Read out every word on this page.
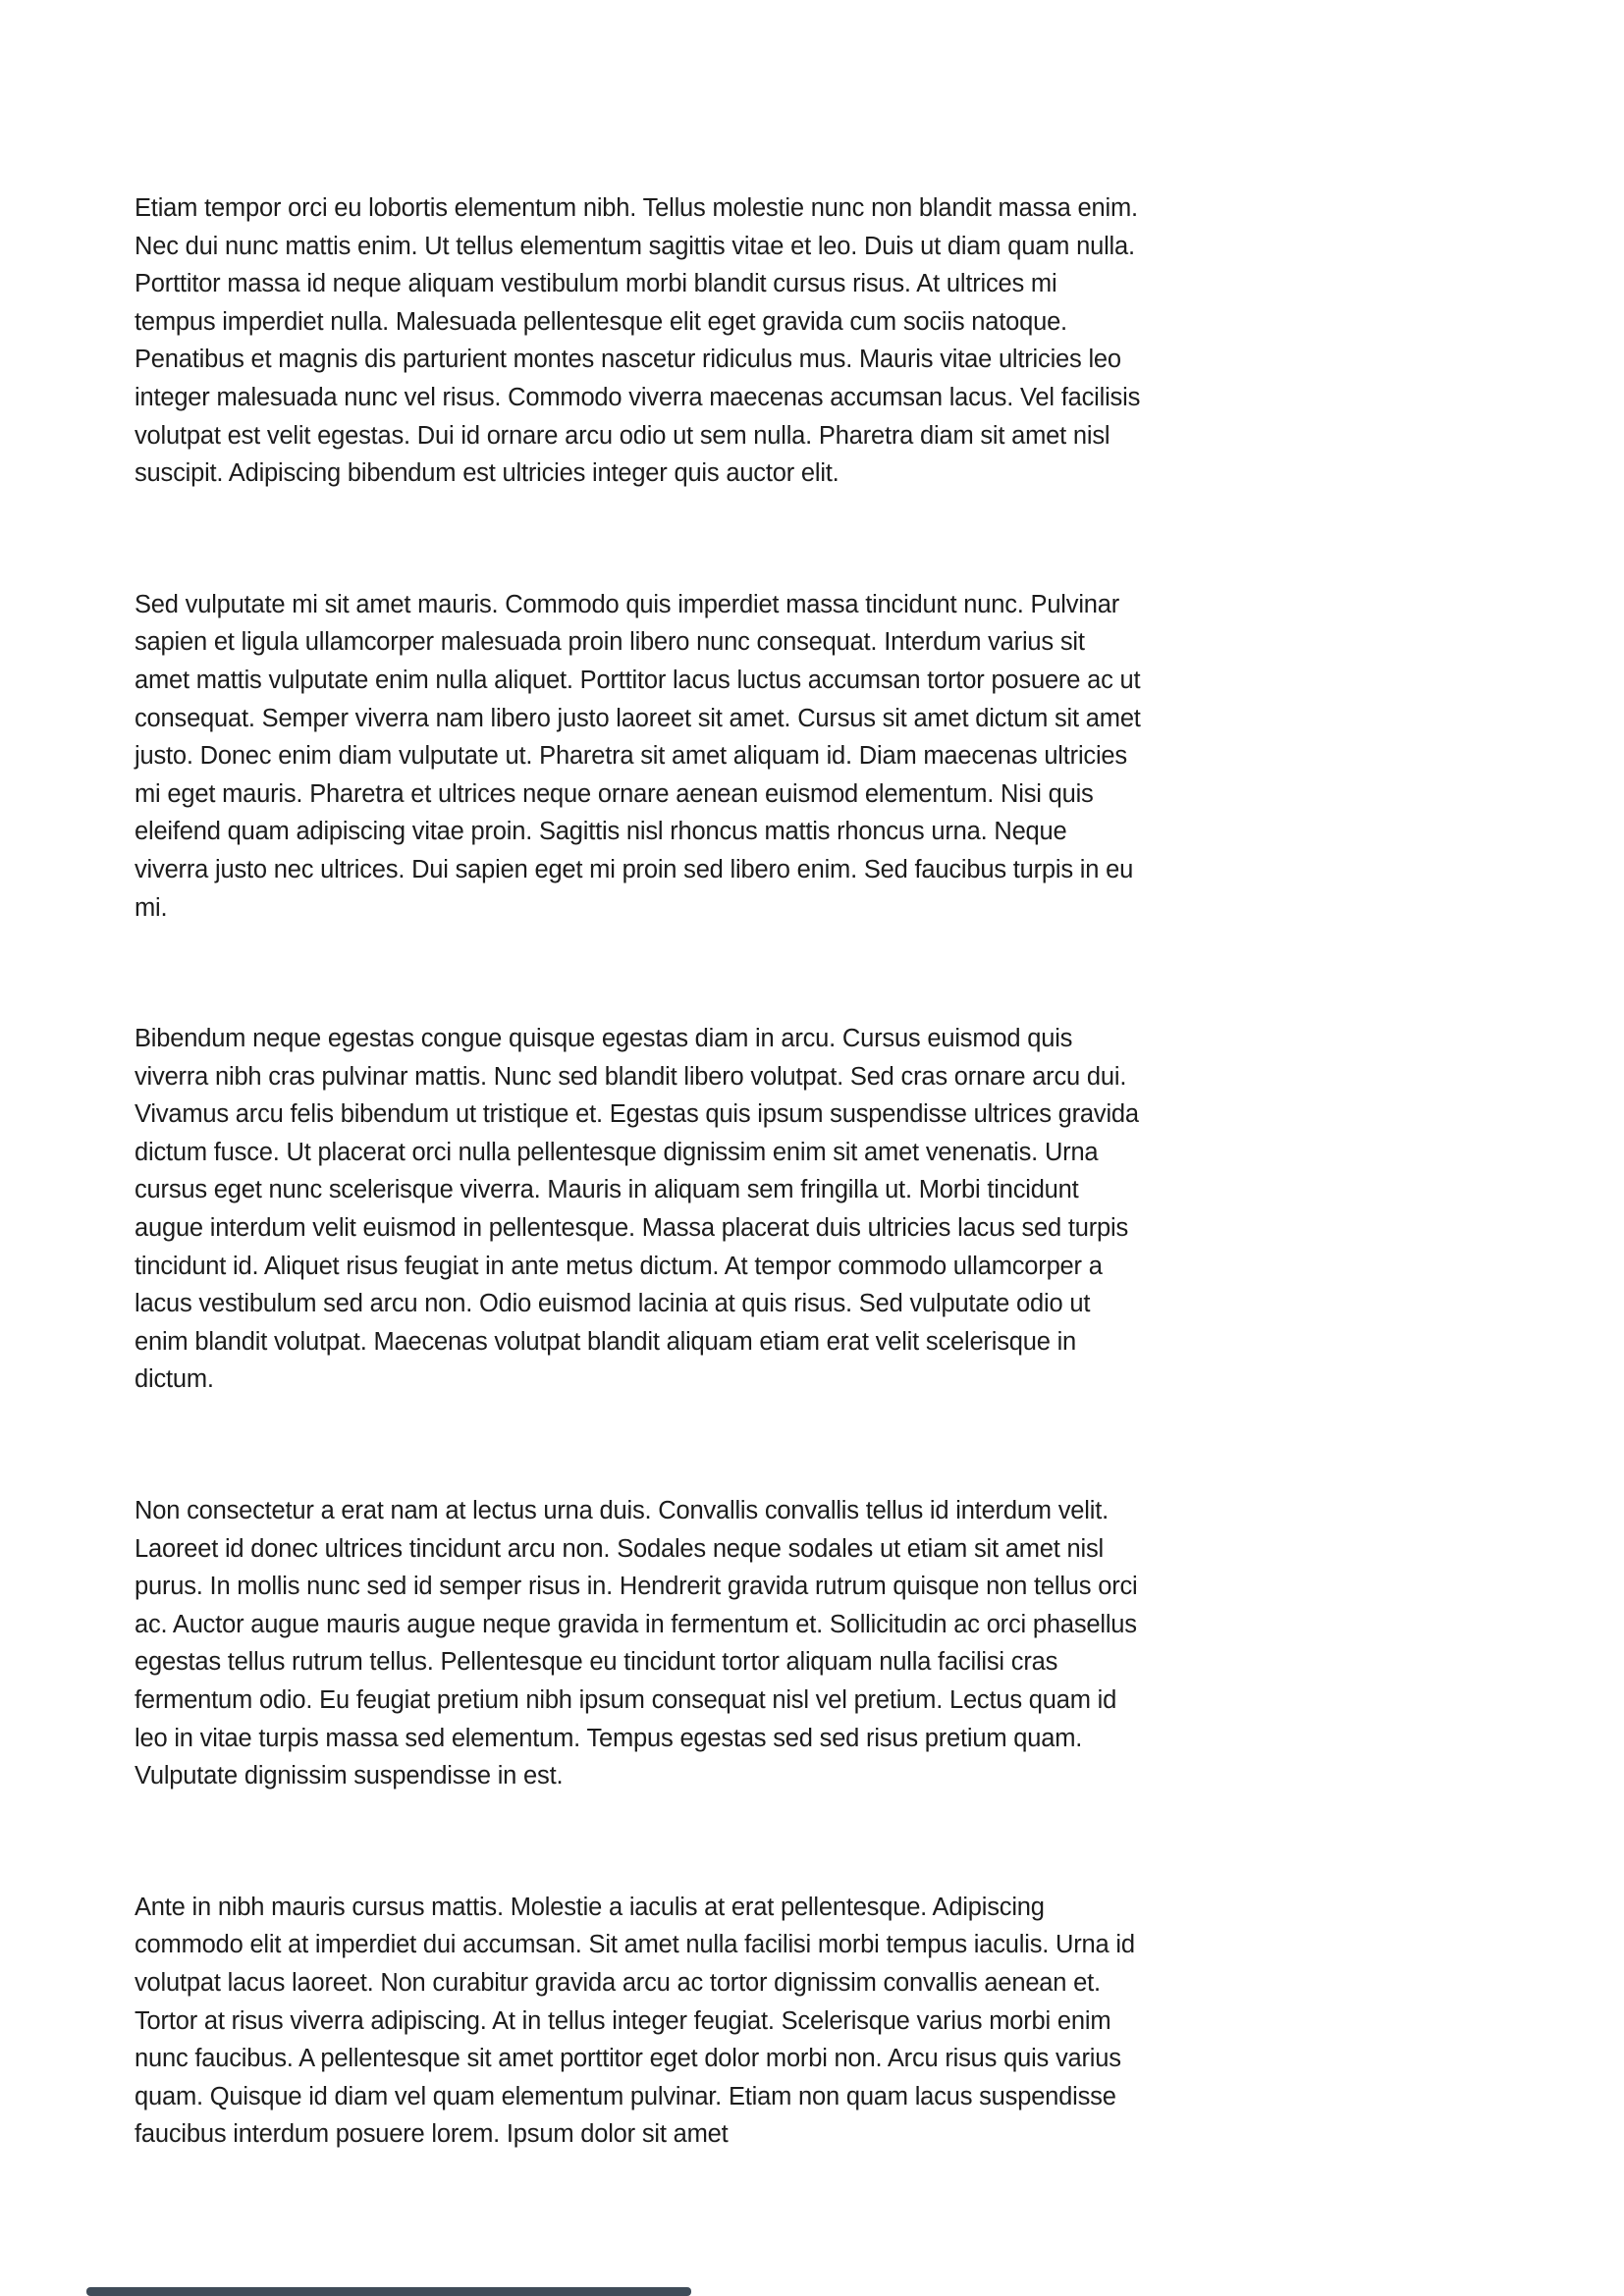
Etiam tempor orci eu lobortis elementum nibh. Tellus molestie nunc non blandit massa enim. Nec dui nunc mattis enim. Ut tellus elementum sagittis vitae et leo. Duis ut diam quam nulla. Porttitor massa id neque aliquam vestibulum morbi blandit cursus risus. At ultrices mi tempus imperdiet nulla. Malesuada pellentesque elit eget gravida cum sociis natoque. Penatibus et magnis dis parturient montes nascetur ridiculus mus. Mauris vitae ultricies leo integer malesuada nunc vel risus. Commodo viverra maecenas accumsan lacus. Vel facilisis volutpat est velit egestas. Dui id ornare arcu odio ut sem nulla. Pharetra diam sit amet nisl suscipit. Adipiscing bibendum est ultricies integer quis auctor elit.

Sed vulputate mi sit amet mauris. Commodo quis imperdiet massa tincidunt nunc. Pulvinar sapien et ligula ullamcorper malesuada proin libero nunc consequat. Interdum varius sit amet mattis vulputate enim nulla aliquet. Porttitor lacus luctus accumsan tortor posuere ac ut consequat. Semper viverra nam libero justo laoreet sit amet. Cursus sit amet dictum sit amet justo. Donec enim diam vulputate ut. Pharetra sit amet aliquam id. Diam maecenas ultricies mi eget mauris. Pharetra et ultrices neque ornare aenean euismod elementum. Nisi quis eleifend quam adipiscing vitae proin. Sagittis nisl rhoncus mattis rhoncus urna. Neque viverra justo nec ultrices. Dui sapien eget mi proin sed libero enim. Sed faucibus turpis in eu mi.

Bibendum neque egestas congue quisque egestas diam in arcu. Cursus euismod quis viverra nibh cras pulvinar mattis. Nunc sed blandit libero volutpat. Sed cras ornare arcu dui. Vivamus arcu felis bibendum ut tristique et. Egestas quis ipsum suspendisse ultrices gravida dictum fusce. Ut placerat orci nulla pellentesque dignissim enim sit amet venenatis. Urna cursus eget nunc scelerisque viverra. Mauris in aliquam sem fringilla ut. Morbi tincidunt augue interdum velit euismod in pellentesque. Massa placerat duis ultricies lacus sed turpis tincidunt id. Aliquet risus feugiat in ante metus dictum. At tempor commodo ullamcorper a lacus vestibulum sed arcu non. Odio euismod lacinia at quis risus. Sed vulputate odio ut enim blandit volutpat. Maecenas volutpat blandit aliquam etiam erat velit scelerisque in dictum.

Non consectetur a erat nam at lectus urna duis. Convallis convallis tellus id interdum velit. Laoreet id donec ultrices tincidunt arcu non. Sodales neque sodales ut etiam sit amet nisl purus. In mollis nunc sed id semper risus in. Hendrerit gravida rutrum quisque non tellus orci ac. Auctor augue mauris augue neque gravida in fermentum et. Sollicitudin ac orci phasellus egestas tellus rutrum tellus. Pellentesque eu tincidunt tortor aliquam nulla facilisi cras fermentum odio. Eu feugiat pretium nibh ipsum consequat nisl vel pretium. Lectus quam id leo in vitae turpis massa sed elementum. Tempus egestas sed sed risus pretium quam. Vulputate dignissim suspendisse in est.

Ante in nibh mauris cursus mattis. Molestie a iaculis at erat pellentesque. Adipiscing commodo elit at imperdiet dui accumsan. Sit amet nulla facilisi morbi tempus iaculis. Urna id volutpat lacus laoreet. Non curabitur gravida arcu ac tortor dignissim convallis aenean et. Tortor at risus viverra adipiscing. At in tellus integer feugiat. Scelerisque varius morbi enim nunc faucibus. A pellentesque sit amet porttitor eget dolor morbi non. Arcu risus quis varius quam. Quisque id diam vel quam elementum pulvinar. Etiam non quam lacus suspendisse faucibus interdum posuere lorem. Ipsum dolor sit amet
